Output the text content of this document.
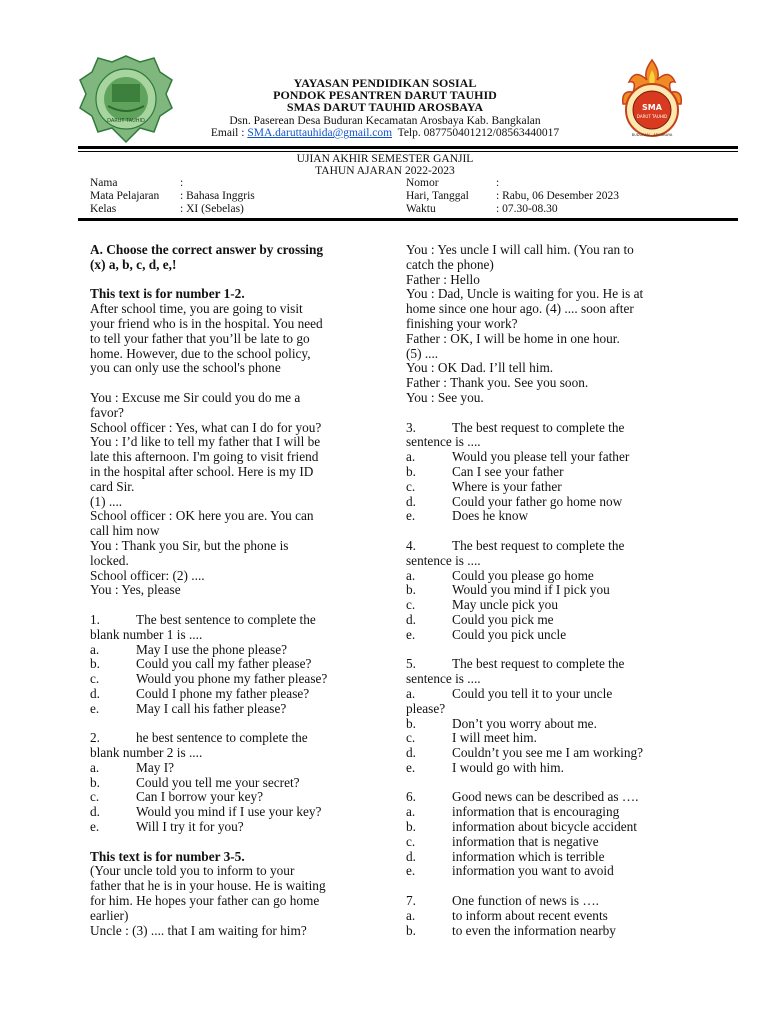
DARUT TAUHID
YAYASAN PENDIDIKAN SOSIAL
PONDOK PESANTREN DARUT TAUHID
SMAS DARUT TAUHID AROSBAYA
Dsn. Paserean Desa Buduran Kecamatan Arosbaya Kab. Bangkalan
Email : SMA.daruttauhida@gmail.com Telp. 087750401212/08563440017
SMA
DARUT TAUHID
BUDURAN - AROSBAYA
UJIAN AKHIR SEMESTER GANJIL
TAHUN AJARAN 2022-2023
Nama	:
Mata Pelajaran : Bahasa Inggris
Kelas	: XI (Sebelas)
Nomor	:
Hari, Tanggal : Rabu, 06 Desember 2023
Waktu	: 07.30-08.30

A. Choose the correct answer by crossing

(x) a, b, c, d, e,!

This text is for number 1-2.

After school time, you are going to visit

your friend who is in the hospital. You need

to tell your father that you’ll be late to go

home. However, due to the school policy,

you can only use the school's phone

You : Excuse me Sir could you do me a

favor?

School officer : Yes, what can I do for you?

You : I’d like to tell my father that I will be

late this afternoon. I'm going to visit friend

in the hospital after school. Here is my ID

card Sir.

(1) ....

School officer : OK here you are. You can

call him now

You : Thank you Sir, but the phone is

locked.

School officer: (2) ....

You : Yes, please

1.	The best sentence to complete the

blank number 1 is ....

a.	May I use the phone please?
b.	Could you call my father please?
c.	Would you phone my father please?
d.	Could I phone my father please?
e.	May I call his father please?
2.	he best sentence to complete the

blank number 2 is ....

a.	May I?
b.	Could you tell me your secret?
c.	Can I borrow your key?
d.	Would you mind if I use your key?
e.	Will I try it for you?

This text is for number 3-5.

(Your uncle told you to inform to your

father that he is in your house. He is waiting

for him. He hopes your father can go home

earlier)

Uncle : (3) .... that I am waiting for him?

You : Yes uncle I will call him. (You ran to

catch the phone)

Father : Hello

You : Dad, Uncle is waiting for you. He is at

home since one hour ago. (4) .... soon after

finishing your work?

Father : OK, I will be home in one hour.

(5) ....

You : OK Dad. I’ll tell him.

Father : Thank you. See you soon.

You : See you.

3.	The best request to complete the

sentence is ....

a.	Would you please tell your father
b.	Can I see your father
c.	Where is your father
d.	Could your father go home now
e.	Does he know
4.	The best request to complete the

sentence is ....

a.	Could you please go home
b.	Would you mind if I pick you
c.	May uncle pick you
d.	Could you pick me
e.	Could you pick uncle
5.	The best request to complete the

sentence is ....

a.	Could you tell it to your uncle

please?

b.	Don’t you worry about me.
c.	I will meet him.
d.	Couldn’t you see me I am working?
e.	I would go with him.
6.	Good news can be described as ….
a.	information that is encouraging
b.	information about bicycle accident
c.	information that is negative
d.	information which is terrible
e.	information you want to avoid
7.	One function of news is ….
a.	to inform about recent events
b.	to even the information nearby
